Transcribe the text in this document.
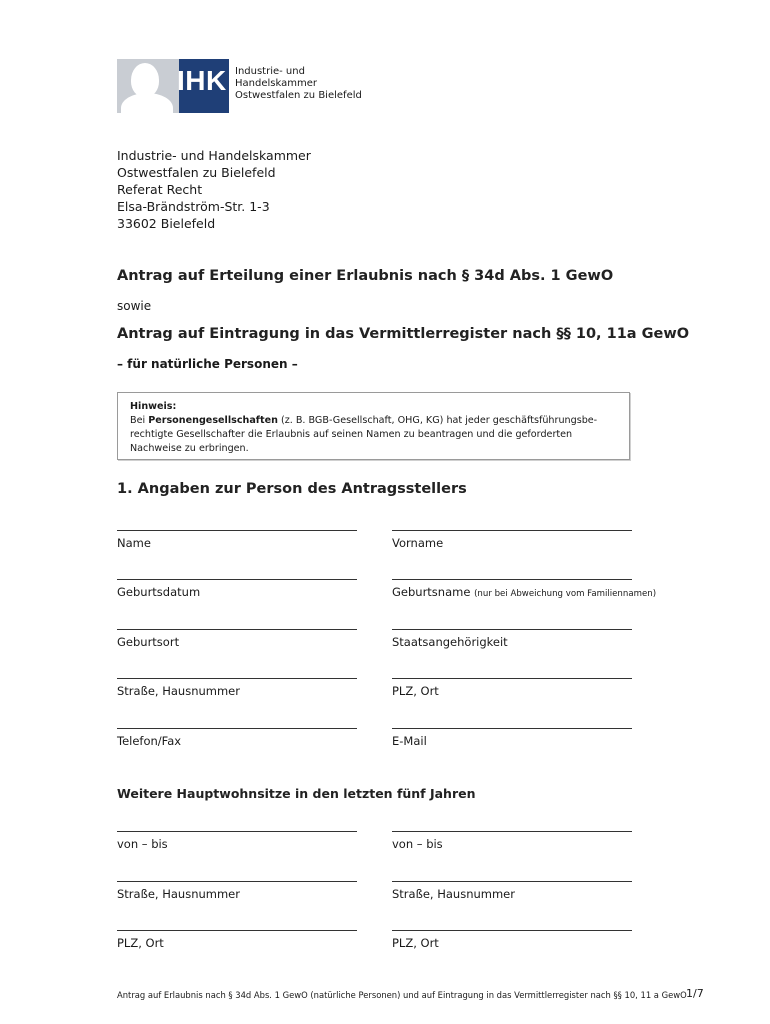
IHK Industrie- und Handelskammer
Ostwestfalen zu Bielefeld
Industrie- und Handelskammer
Ostwestfalen zu Bielefeld
Referat Recht
Elsa-Brändström-Str. 1-3
33602 Bielefeld
Antrag auf Erteilung einer Erlaubnis nach § 34d Abs. 1 GewO
sowie
Antrag auf Eintragung in das Vermittlerregister nach §§ 10, 11a GewO
– für natürliche Personen –
Hinweis:
Bei Personengesellschaften (z. B. BGB-Gesellschaft, OHG, KG) hat jeder geschäftsführungsbe-rechtigte Gesellschafter die Erlaubnis auf seinen Namen zu beantragen und die geforderten Nachweise zu erbringen.
1. Angaben zur Person des Antragsstellers
Name	Vorname
Geburtsdatum	Geburtsname (nur bei Abweichung vom Familiennamen)
Geburtsort	Staatsangehörigkeit
Straße, Hausnummer	PLZ, Ort
Telefon/Fax	E-Mail
Weitere Hauptwohnsitze in den letzten fünf Jahren
von – bis	von – bis
Straße, Hausnummer	Straße, Hausnummer
PLZ, Ort	PLZ, Ort
Antrag auf Erlaubnis nach § 34d Abs. 1 GewO (natürliche Personen) und auf Eintragung in das Vermittlerregister nach §§ 10, 11 a GewO 1/7
